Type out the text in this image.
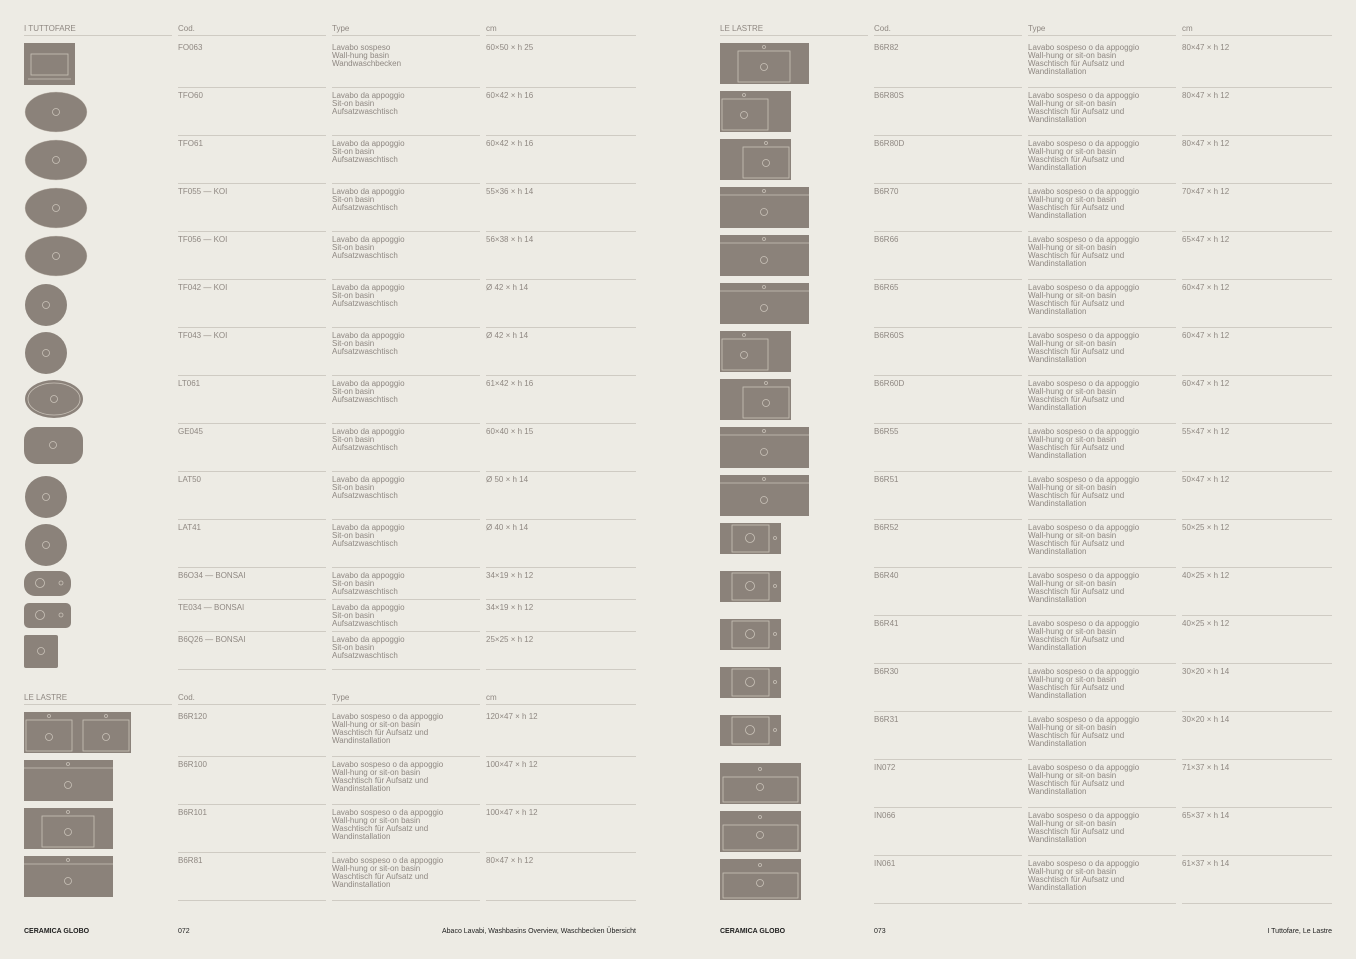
I TUTTOFARE	Cod.	Type	cm
FO063	Lavabo sospeso
Wall-hung basin
Wandwaschbecken
60×50 × h 25
TFO60	Lavabo da appoggio
Sit-on basin
Aufsatzwaschtisch
60×42 × h 16
TFO61	Lavabo da appoggio
Sit-on basin
Aufsatzwaschtisch
60×42 × h 16
TF055 — KOI	Lavabo da appoggio
Sit-on basin
Aufsatzwaschtisch
55×36 × h 14
TF056 — KOI	Lavabo da appoggio
Sit-on basin
Aufsatzwaschtisch
56×38 × h 14
TF042 — KOI	Lavabo da appoggio
Sit-on basin
Aufsatzwaschtisch
Ø 42 × h 14
TF043 — KOI	Lavabo da appoggio
Sit-on basin
Aufsatzwaschtisch
Ø 42 × h 14
LT061	Lavabo da appoggio
Sit-on basin
Aufsatzwaschtisch
61×42 × h 16
GE045	Lavabo da appoggio
Sit-on basin
Aufsatzwaschtisch
60×40 × h 15
LAT50	Lavabo da appoggio
Sit-on basin
Aufsatzwaschtisch
Ø 50 × h 14
LAT41	Lavabo da appoggio
Sit-on basin
Aufsatzwaschtisch
Ø 40 × h 14
B6O34 — BONSAI	Lavabo da appoggio
Sit-on basin
Aufsatzwaschtisch
34×19 × h 12
TE034 — BONSAI	Lavabo da appoggio
Sit-on basin
Aufsatzwaschtisch
34×19 × h 12
B6Q26 — BONSAI	Lavabo da appoggio
Sit-on basin
Aufsatzwaschtisch
25×25 × h 12
LE LASTRE	Cod.	Type	cm
B6R120	Lavabo sospeso o da appoggio
Wall-hung or sit-on basin
Waschtisch für Aufsatz und
Wandinstallation
120×47 × h 12
B6R100	Lavabo sospeso o da appoggio
Wall-hung or sit-on basin
Waschtisch für Aufsatz und
Wandinstallation
100×47 × h 12
B6R101	Lavabo sospeso o da appoggio
Wall-hung or sit-on basin
Waschtisch für Aufsatz und
Wandinstallation
100×47 × h 12
B6R81	Lavabo sospeso o da appoggio
Wall-hung or sit-on basin
Waschtisch für Aufsatz und
Wandinstallation
80×47 × h 12
CERAMICA GLOBO	072	Abaco Lavabi, Washbasins Overview, Waschbecken Übersicht
LE LASTRE	Cod.	Type	cm
B6R82	Lavabo sospeso o da appoggio
Wall-hung or sit-on basin
Waschtisch für Aufsatz und
Wandinstallation
80×47 × h 12
B6R80S	Lavabo sospeso o da appoggio
Wall-hung or sit-on basin
Waschtisch für Aufsatz und
Wandinstallation
80×47 × h 12
B6R80D	Lavabo sospeso o da appoggio
Wall-hung or sit-on basin
Waschtisch für Aufsatz und
Wandinstallation
80×47 × h 12
B6R70	Lavabo sospeso o da appoggio
Wall-hung or sit-on basin
Waschtisch für Aufsatz und
Wandinstallation
70×47 × h 12
B6R66	Lavabo sospeso o da appoggio
Wall-hung or sit-on basin
Waschtisch für Aufsatz und
Wandinstallation
65×47 × h 12
B6R65	Lavabo sospeso o da appoggio
Wall-hung or sit-on basin
Waschtisch für Aufsatz und
Wandinstallation
60×47 × h 12
B6R60S	Lavabo sospeso o da appoggio
Wall-hung or sit-on basin
Waschtisch für Aufsatz und
Wandinstallation
60×47 × h 12
B6R60D	Lavabo sospeso o da appoggio
Wall-hung or sit-on basin
Waschtisch für Aufsatz und
Wandinstallation
60×47 × h 12
B6R55	Lavabo sospeso o da appoggio
Wall-hung or sit-on basin
Waschtisch für Aufsatz und
Wandinstallation
55×47 × h 12
B6R51	Lavabo sospeso o da appoggio
Wall-hung or sit-on basin
Waschtisch für Aufsatz und
Wandinstallation
50×47 × h 12
B6R52	Lavabo sospeso o da appoggio
Wall-hung or sit-on basin
Waschtisch für Aufsatz und
Wandinstallation
50×25 × h 12
B6R40	Lavabo sospeso o da appoggio
Wall-hung or sit-on basin
Waschtisch für Aufsatz und
Wandinstallation
40×25 × h 12
B6R41	Lavabo sospeso o da appoggio
Wall-hung or sit-on basin
Waschtisch für Aufsatz und
Wandinstallation
40×25 × h 12
B6R30	Lavabo sospeso o da appoggio
Wall-hung or sit-on basin
Waschtisch für Aufsatz und
Wandinstallation
30×20 × h 14
B6R31	Lavabo sospeso o da appoggio
Wall-hung or sit-on basin
Waschtisch für Aufsatz und
Wandinstallation
30×20 × h 14
IN072	Lavabo sospeso o da appoggio
Wall-hung or sit-on basin
Waschtisch für Aufsatz und
Wandinstallation
71×37 × h 14
IN066	Lavabo sospeso o da appoggio
Wall-hung or sit-on basin
Waschtisch für Aufsatz und
Wandinstallation
65×37 × h 14
IN061	Lavabo sospeso o da appoggio
Wall-hung or sit-on basin
Waschtisch für Aufsatz und
Wandinstallation
61×37 × h 14
CERAMICA GLOBO	073	I Tuttofare, Le Lastre
